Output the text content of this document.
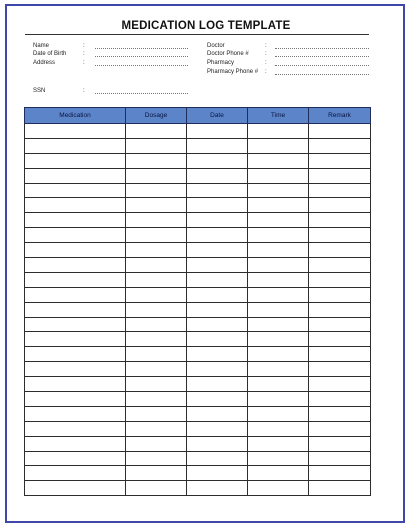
MEDICATION LOG TEMPLATE
Name	:
Date of Birth	:
Address	:
SSN	:
Doctor	:
Doctor Phone #	:
Pharmacy	:
Pharmacy Phone # :
Medication	Dosage	Date	Time	Remark
